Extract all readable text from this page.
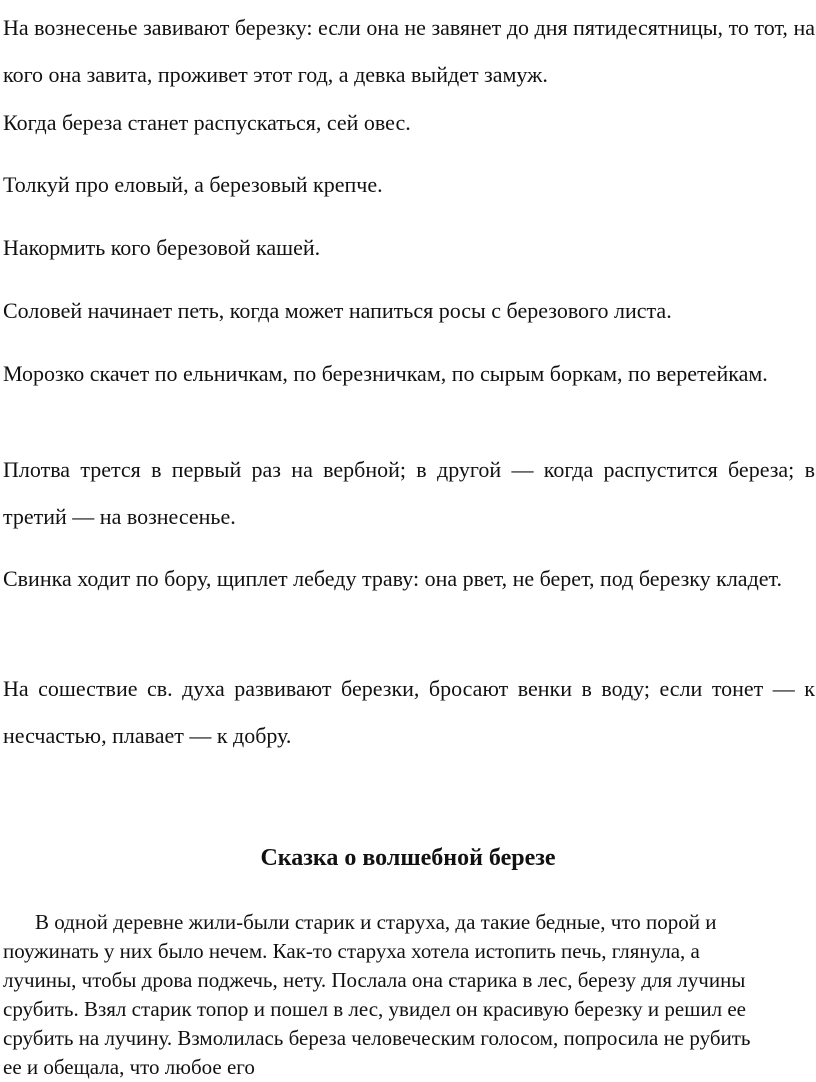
На вознесенье завивают березку: если она не завянет до дня пятидесятницы, то тот, на кого она завита, проживет этот год, а девка выйдет замуж.

Когда береза станет распускаться, сей овес.

Толкуй про еловый, а березовый крепче.

Накормить кого березовой кашей.

Соловей начинает петь, когда может напиться росы с березового листа.

Морозко скачет по ельничкам, по березничкам, по сырым боркам, по веретейкам.

Плотва трется в первый раз на вербной; в другой — когда распустится береза; в третий — на вознесенье.

Свинка ходит по бору, щиплет лебеду траву: она рвет, не берет, под березку кладет.

На сошествие св. духа развивают березки, бросают венки в воду; если тонет — к несчастью, плавает — к добру.

Сказка о волшебной березе

В одной деревне жили-были старик и старуха, да такие бедные, что порой и поужинать у них было нечем. Как-то старуха хотела истопить печь, глянула, а лучины, чтобы дрова поджечь, нету. Послала она старика в лес, березу для лучины срубить. Взял старик топор и пошел в лес, увидел он красивую березку и решил ее срубить на лучину. Взмолилась береза человеческим голосом, попросила не рубить ее и обещала, что любое его
